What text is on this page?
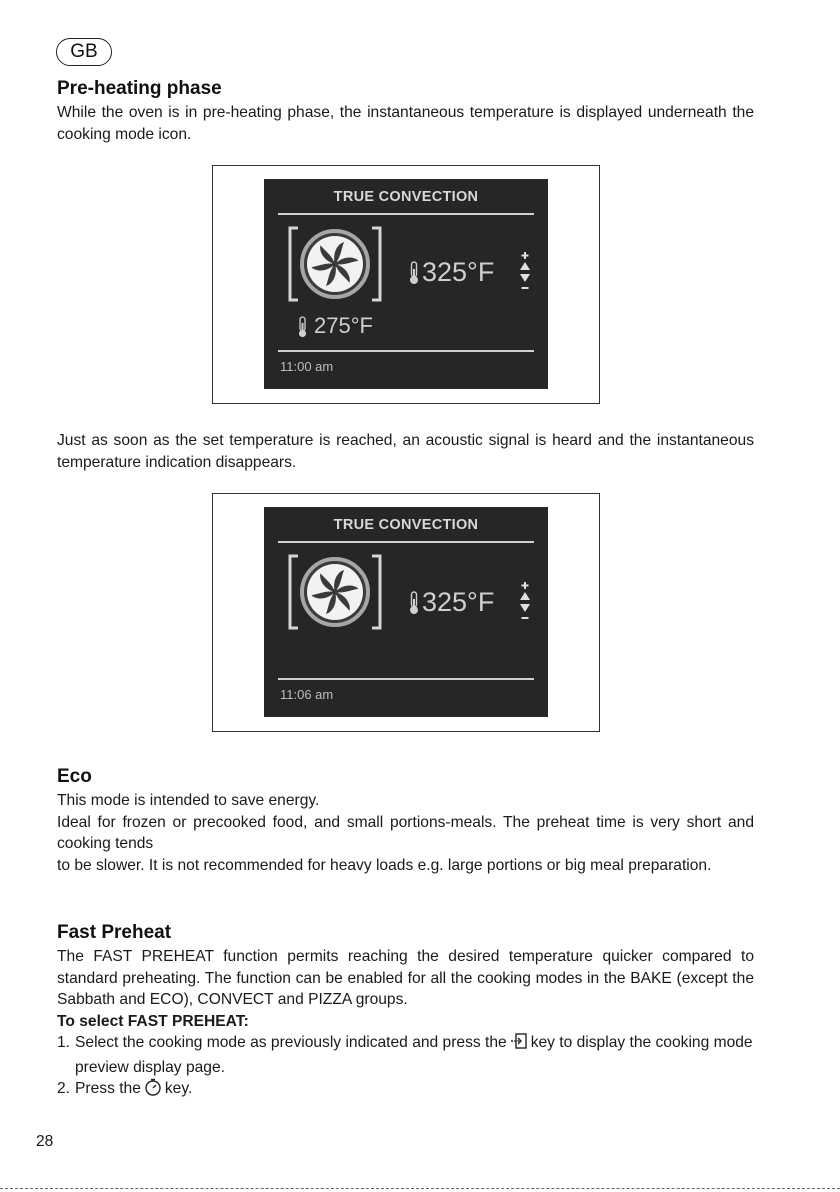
GB
Pre-heating phase

While the oven is in pre-heating phase, the instantaneous temperature is displayed underneath the cooking mode icon.

TRUE CONVECTION
325°F
275°F
11:00 am

Just as soon as the set temperature is reached, an acoustic signal is heard and the instantaneous temperature indication disappears.

TRUE CONVECTION
325°F
11:06 am
Eco

This mode is intended to save energy.

Ideal for frozen or precooked food, and small portions-meals. The preheat time is very short and cooking tends

to be slower. It is not recommended for heavy loads e.g. large portions or big meal preparation.

Fast Preheat

The FAST PREHEAT function permits reaching the desired temperature quicker compared to standard preheating. The function can be enabled for all the cooking modes in the BAKE (except the Sabbath and ECO), CONVECT and PIZZA groups.

To select FAST PREHEAT:

1. Select the cooking mode as previously indicated and press the key to display the cooking mode preview display page.

2. Press the key.

28
